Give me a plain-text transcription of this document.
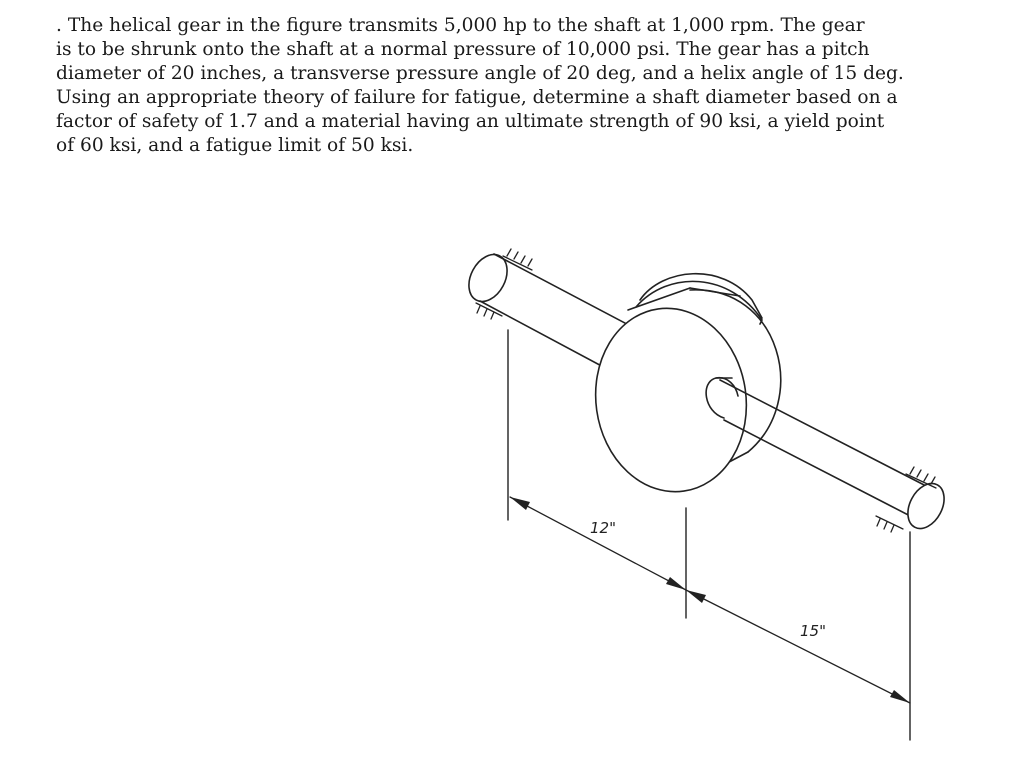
. The helical gear in the figure transmits 5,000 hp to the shaft at 1,000 rpm. The gear
is to be shrunk onto the shaft at a normal pressure of 10,000 psi. The gear has a pitch
diameter of 20 inches, a transverse pressure angle of 20 deg, and a helix angle of 15 deg.
Using an appropriate theory of failure for fatigue, determine a shaft diameter based on a
factor of safety of 1.7 and a material having an ultimate strength of 90 ksi, a yield point
of 60 ksi, and a fatigue limit of 50 ksi.
12"
15"
